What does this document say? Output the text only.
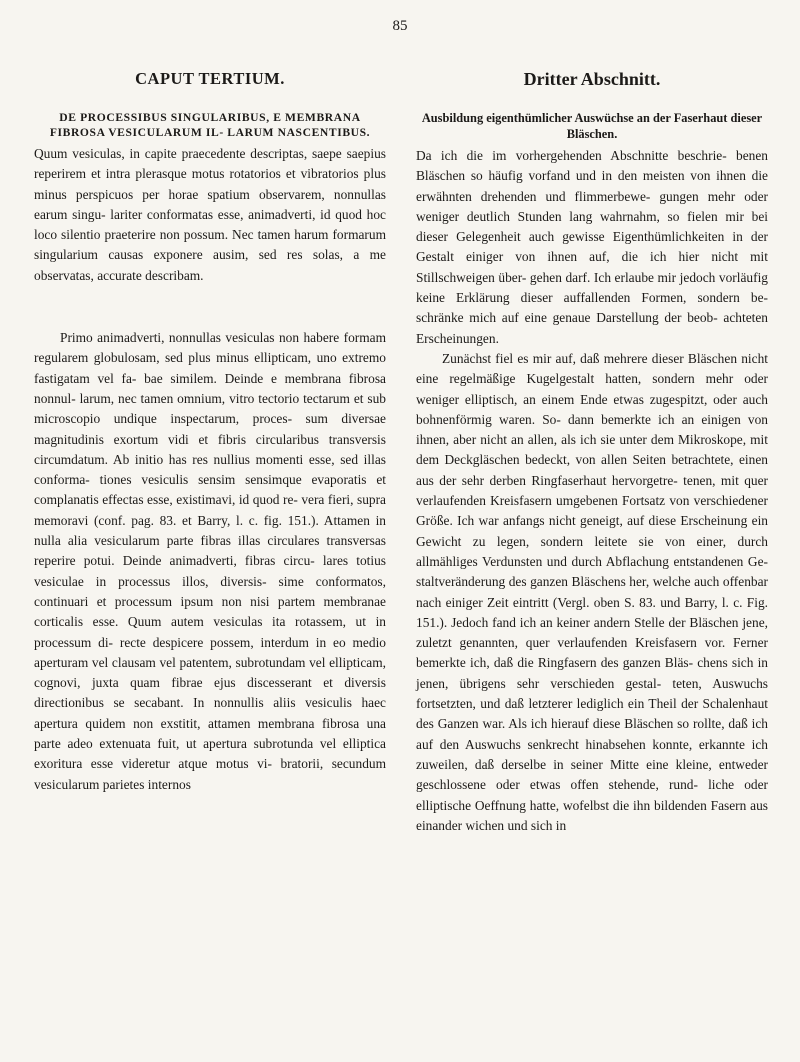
85
CAPUT TERTIUM.
DE PROCESSIBUS SINGULARIBUS, E MEMBRANA FIBROSA VESICULARUM IL- LARUM NASCENTIBUS.

Quum vesiculas, in capite praecedente descriptas, saepe saepius reperirem et intra plerasque motus rotatorios et vibratorios plus minus perspicuos per horae spatium observarem, nonnullas earum singu- lariter conformatas esse, animadverti, id quod hoc loco silentio praeterire non possum. Nec tamen harum formarum singularium causas exponere ausim, sed res solas, a me observatas, accurate describam.

Primo animadverti, nonnullas vesiculas non habere formam regularem globulosam, sed plus minus ellipticam, uno extremo fastigatam vel fa- bae similem. Deinde e membrana fibrosa nonnul- larum, nec tamen omnium, vitro tectorio tectarum et sub microscopio undique inspectarum, proces- sum diversae magnitudinis exortum vidi et fibris circularibus transversis circumdatum. Ab initio has res nullius momenti esse, sed illas conforma- tiones vesiculis sensim sensimque evaporatis et complanatis effectas esse, existimavi, id quod re- vera fieri, supra memoravi (conf. pag. 83. et Barry, l. c. fig. 151.). Attamen in nulla alia vesicularum parte fibras illas circulares transversas reperire potui. Deinde animadverti, fibras circu- lares totius vesiculae in processus illos, diversis- sime conformatos, continuari et processum ipsum non nisi partem membranae corticalis esse. Quum autem vesiculas ita rotassem, ut in processum di- recte despicere possem, interdum in eo medio aperturam vel clausam vel patentem, subrotundam vel ellipticam, cognovi, juxta quam fibrae ejus discesserant et diversis directionibus se secabant. In nonnullis aliis vesiculis haec apertura quidem non exstitit, attamen membrana fibrosa una parte adeo extenuata fuit, ut apertura subrotunda vel elliptica exoritura esse videretur atque motus vi- bratorii, secundum vesicularum parietes internos

Dritter Abschnitt.
Ausbildung eigenthümlicher Auswüchse an der Faserhaut dieser Bläschen.

Da ich die im vorhergehenden Abschnitte beschrie- benen Bläschen so häufig vorfand und in den meisten von ihnen die erwähnten drehenden und flimmerbewe- gungen mehr oder weniger deutlich Stunden lang wahrnahm, so fielen mir bei dieser Gelegenheit auch gewisse Eigenthümlichkeiten in der Gestalt einiger von ihnen auf, die ich hier nicht mit Stillschweigen über- gehen darf. Ich erlaube mir jedoch vorläufig keine Erklärung dieser auffallenden Formen, sondern be- schränke mich auf eine genaue Darstellung der beob- achteten Erscheinungen.

Zunächst fiel es mir auf, daß mehrere dieser Bläschen nicht eine regelmäßige Kugelgestalt hatten, sondern mehr oder weniger elliptisch, an einem Ende etwas zugespitzt, oder auch bohnenförmig waren. So- dann bemerkte ich an einigen von ihnen, aber nicht an allen, als ich sie unter dem Mikroskope, mit dem Deckgläschen bedeckt, von allen Seiten betrachtete, einen aus der sehr derben Ringfaserhaut hervorgetre- tenen, mit quer verlaufenden Kreisfasern umgebenen Fortsatz von verschiedener Größe. Ich war anfangs nicht geneigt, auf diese Erscheinung ein Gewicht zu legen, sondern leitete sie von einer, durch allmähliges Verdunsten und durch Abflachung entstandenen Ge- staltveränderung des ganzen Bläschens her, welche auch offenbar nach einiger Zeit eintritt (Vergl. oben S. 83. und Barry, l. c. Fig. 151.). Jedoch fand ich an keiner andern Stelle der Bläschen jene, zuletzt genannten, quer verlaufenden Kreisfasern vor. Ferner bemerkte ich, daß die Ringfasern des ganzen Bläs- chens sich in jenen, übrigens sehr verschieden gestal- teten, Auswuchs fortsetzten, und daß letzterer lediglich ein Theil der Schalenhaut des Ganzen war. Als ich hierauf diese Bläschen so rollte, daß ich auf den Auswuchs senkrecht hinabsehen konnte, erkannte ich zuweilen, daß derselbe in seiner Mitte eine kleine, entweder geschlossene oder etwas offen stehende, rund- liche oder elliptische Oeffnung hatte, wofelbst die ihn bildenden Fasern aus einander wichen und sich in
